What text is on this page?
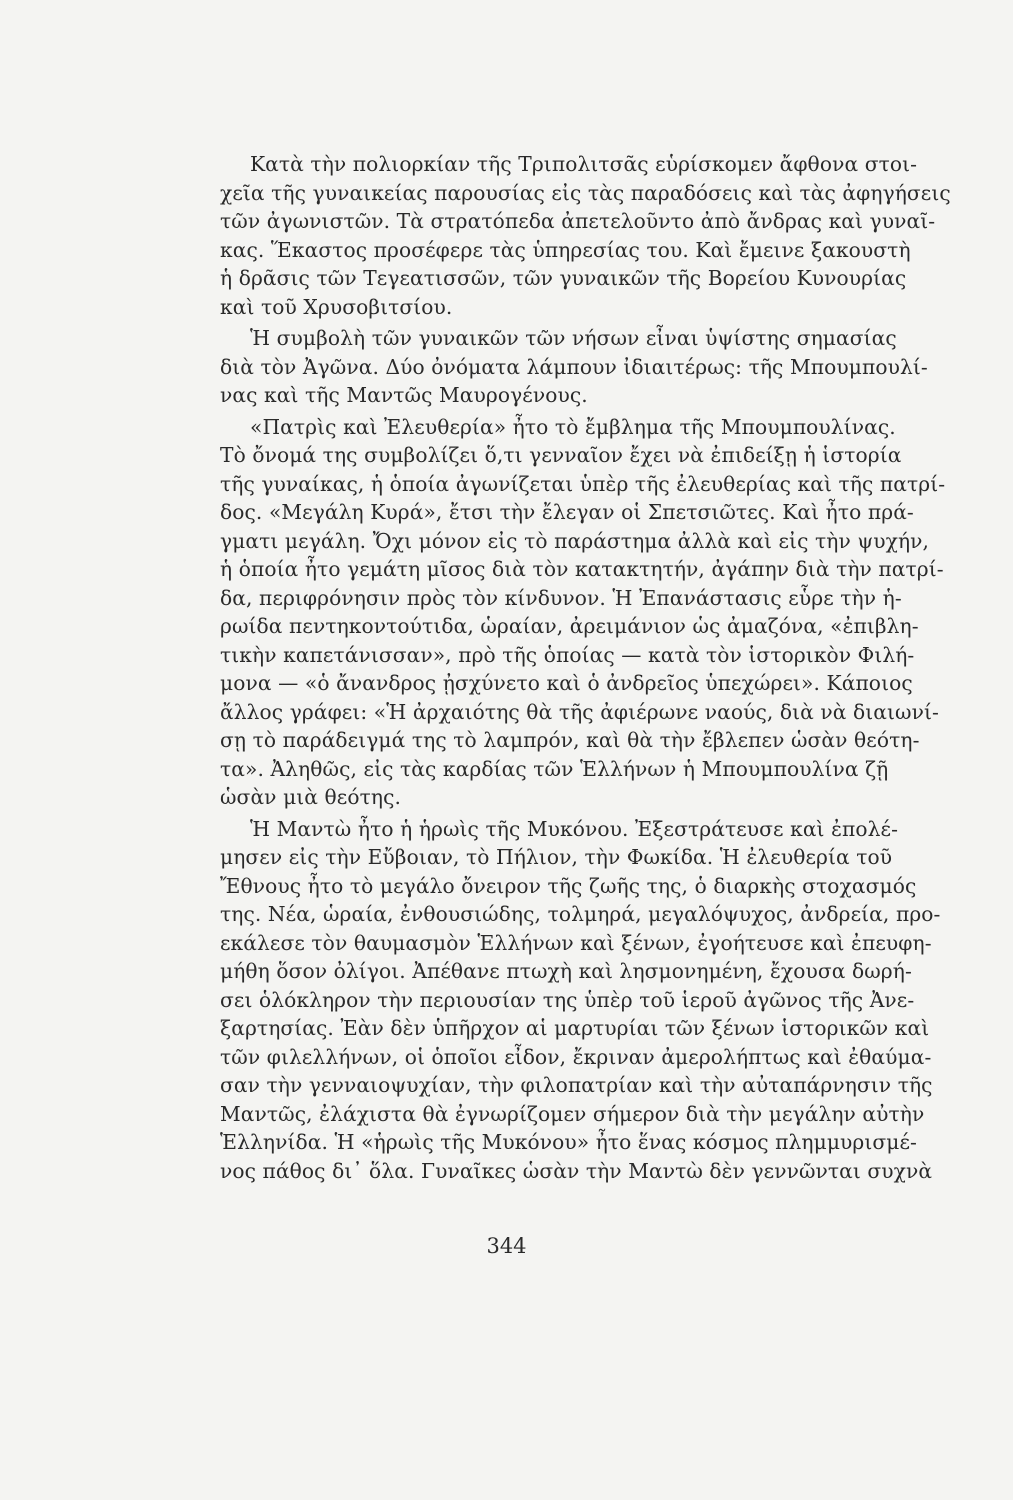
Κατὰ τὴν πολιορκίαν τῆς Τριπολιτσᾶς εὑρίσκομεν ἄφθονα στοι-
χεῖα τῆς γυναικείας παρουσίας εἰς τὰς παραδόσεις καὶ τὰς ἀφηγήσεις
τῶν ἀγωνιστῶν. Τὰ στρατόπεδα ἀπετελοῦντο ἀπὸ ἄνδρας καὶ γυναῖ-
κας. Ἕκαστος προσέφερε τὰς ὑπηρεσίας του. Καὶ ἔμεινε ξακουστὴ
ἡ δρᾶσις τῶν Τεγεατισσῶν, τῶν γυναικῶν τῆς Βορείου Κυνουρίας
καὶ τοῦ Χρυσοβιτσίου.
Ἡ συμβολὴ τῶν γυναικῶν τῶν νήσων εἶναι ὑψίστης σημασίας
διὰ τὸν Ἀγῶνα. Δύο ὀνόματα λάμπουν ἰδιαιτέρως: τῆς Μπουμπουλί-
νας καὶ τῆς Μαντῶς Μαυρογένους.
«Πατρὶς καὶ Ἐλευθερία» ἦτο τὸ ἔμβλημα τῆς Μπουμπουλίνας.
Τὸ ὄνομά της συμβολίζει ὅ,τι γενναῖον ἔχει νὰ ἐπιδείξῃ ἡ ἱστορία
τῆς γυναίκας, ἡ ὁποία ἀγωνίζεται ὑπὲρ τῆς ἐλευθερίας καὶ τῆς πατρί-
δος. «Μεγάλη Κυρά», ἔτσι τὴν ἔλεγαν οἱ Σπετσιῶτες. Καὶ ἦτο πρά-
γματι μεγάλη. Ὄχι μόνον εἰς τὸ παράστημα ἀλλὰ καὶ εἰς τὴν ψυχήν,
ἡ ὁποία ἦτο γεμάτη μῖσος διὰ τὸν κατακτητήν, ἀγάπην διὰ τὴν πατρί-
δα, περιφρόνησιν πρὸς τὸν κίνδυνον. Ἡ Ἐπανάστασις εὗρε τὴν ἡ-
ρωίδα πεντηκοντούτιδα, ὡραίαν, ἀρειμάνιον ὡς ἀμαζόνα, «ἐπιβλη-
τικὴν καπετάνισσαν», πρὸ τῆς ὁποίας — κατὰ τὸν ἱστορικὸν Φιλή-
μονα — «ὁ ἄνανδρος ᾐσχύνετο καὶ ὁ ἀνδρεῖος ὑπεχώρει». Κάποιος
ἄλλος γράφει: «Ἡ ἀρχαιότης θὰ τῆς ἀφιέρωνε ναούς, διὰ νὰ διαιωνί-
σῃ τὸ παράδειγμά της τὸ λαμπρόν, καὶ θὰ τὴν ἔβλεπεν ὡσὰν θεότη-
τα». Ἀληθῶς, εἰς τὰς καρδίας τῶν Ἑλλήνων ἡ Μπουμπουλίνα ζῇ
ὡσὰν μιὰ θεότης.
Ἡ Μαντὼ ἦτο ἡ ἡρωὶς τῆς Μυκόνου. Ἐξεστράτευσε καὶ ἐπολέ-
μησεν εἰς τὴν Εὔβοιαν, τὸ Πήλιον, τὴν Φωκίδα. Ἡ ἐλευθερία τοῦ
Ἔθνους ἦτο τὸ μεγάλο ὄνειρον τῆς ζωῆς της, ὁ διαρκὴς στοχασμός
της. Νέα, ὡραία, ἐνθουσιώδης, τολμηρά, μεγαλόψυχος, ἀνδρεία, προ-
εκάλεσε τὸν θαυμασμὸν Ἑλλήνων καὶ ξένων, ἐγοήτευσε καὶ ἐπευφη-
μήθη ὅσον ὀλίγοι. Ἀπέθανε πτωχὴ καὶ λησμονημένη, ἔχουσα δωρή-
σει ὁλόκληρον τὴν περιουσίαν της ὑπὲρ τοῦ ἱεροῦ ἀγῶνος τῆς Ἀνε-
ξαρτησίας. Ἐὰν δὲν ὑπῆρχον αἱ μαρτυρίαι τῶν ξένων ἱστορικῶν καὶ
τῶν φιλελλήνων, οἱ ὁποῖοι εἶδον, ἔκριναν ἀμερολήπτως καὶ ἐθαύμα-
σαν τὴν γενναιοψυχίαν, τὴν φιλοπατρίαν καὶ τὴν αὐταπάρνησιν τῆς
Μαντῶς, ἐλάχιστα θὰ ἐγνωρίζομεν σήμερον διὰ τὴν μεγάλην αὐτὴν
Ἑλληνίδα. Ἡ «ἡρωὶς τῆς Μυκόνου» ἦτο ἕνας κόσμος πλημμυρισμέ-
νος πάθος δι᾽ ὅλα. Γυναῖκες ὡσὰν τὴν Μαντὼ δὲν γεννῶνται συχνὰ
344
